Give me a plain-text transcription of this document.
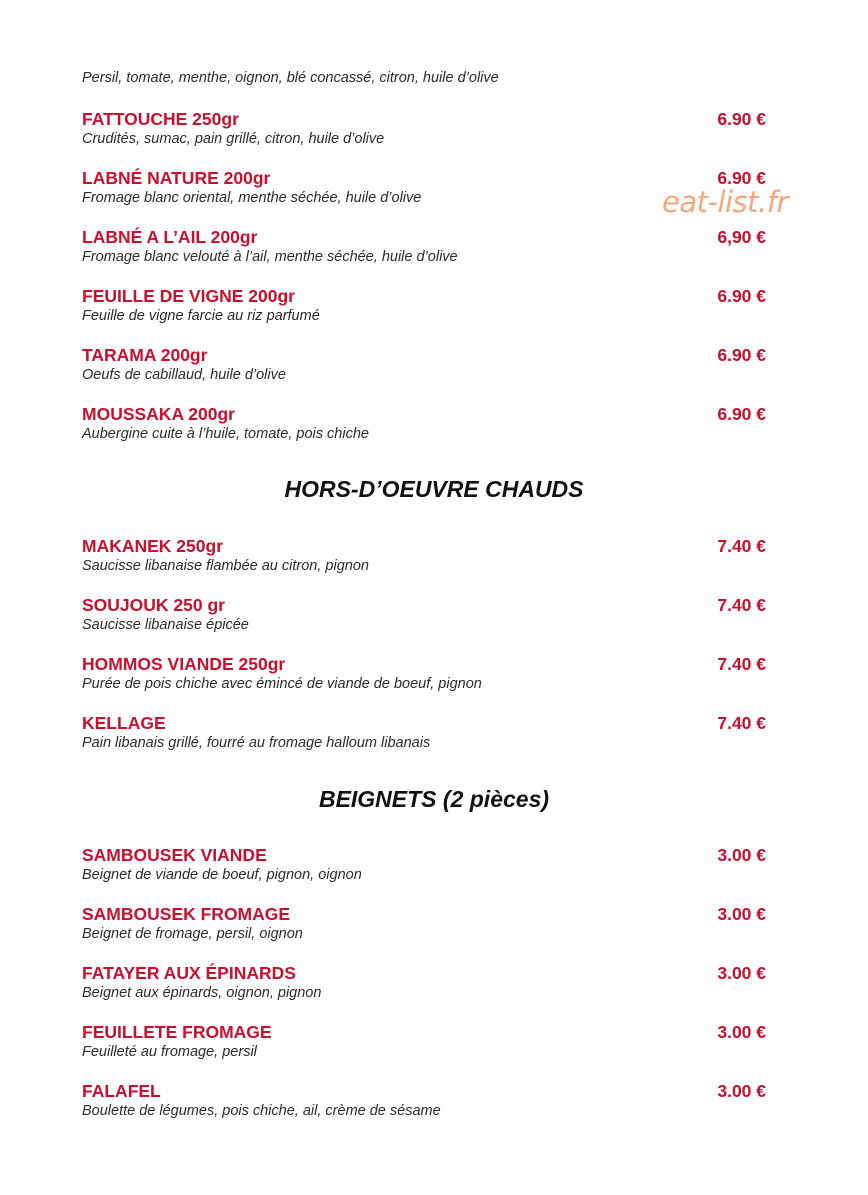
Persil, tomate, menthe, oignon, blé concassé, citron, huile d’olive
eat-list.fr
FATTOUCHE 250gr	6.90 €
Crudités, sumac, pain grillé, citron, huile d’olive
LABNÉ NATURE 200gr	6.90 €
Fromage blanc oriental, menthe séchée, huile d’olive
LABNÉ A L’AIL 200gr	6,90 €
Fromage blanc velouté à l’ail, menthe séchée, huile d’olive
FEUILLE DE VIGNE 200gr	6.90 €
Feuille de vigne farcie au riz parfumé
TARAMA 200gr	6.90 €
Oeufs de cabillaud, huile d’olive
MOUSSAKA 200gr	6.90 €
Aubergine cuite à l’huile, tomate, pois chiche
HORS-D’OEUVRE CHAUDS
MAKANEK 250gr	7.40 €
Saucisse libanaise flambée au citron, pignon
SOUJOUK 250 gr	7.40 €
Saucisse libanaise épicée
HOMMOS VIANDE 250gr	7.40 €
Purée de pois chiche avec émincé de viande de boeuf, pignon
KELLAGE	7.40 €
Pain libanais grillé, fourré au fromage halloum libanais
BEIGNETS (2 pièces)
SAMBOUSEK VIANDE	3.00 €
Beignet de viande de boeuf, pignon, oignon
SAMBOUSEK FROMAGE	3.00 €
Beignet de fromage, persil, oignon
FATAYER AUX ÉPINARDS	3.00 €
Beignet aux épinards, oignon, pignon
FEUILLETE FROMAGE	3.00 €
Feuilleté au fromage, persil
FALAFEL	3.00 €
Boulette de légumes, pois chiche, ail, crème de sésame
